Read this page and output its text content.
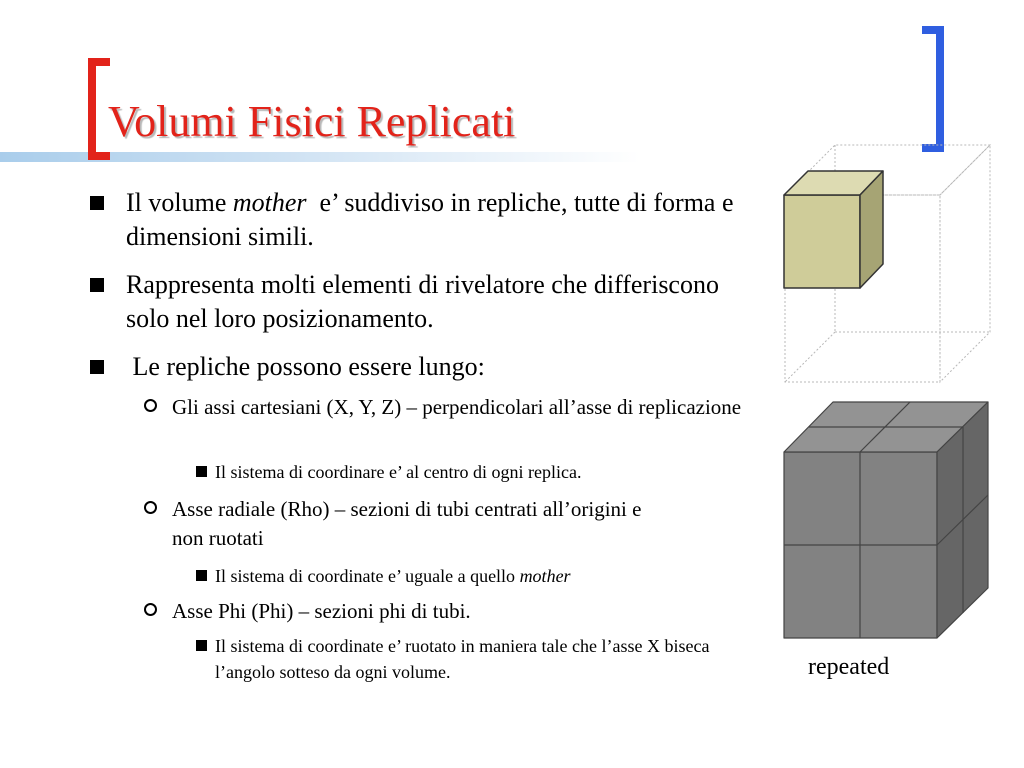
Volumi Fisici Replicati
Il volume mother  e’ suddiviso in repliche, tutte di forma e dimensioni simili.
Rappresenta molti elementi di rivelatore che differiscono solo nel loro posizionamento.
Le repliche possono essere lungo:
Gli assi cartesiani (X, Y, Z) – perpendicolari all’asse di replicazione
Il sistema di coordinare e’ al centro di ogni replica.
Asse radiale (Rho) – sezioni di tubi centrati all’origini e non ruotati
Il sistema di coordinate e’ uguale a quello mother
Asse Phi (Phi) – sezioni phi di tubi.
Il sistema di coordinate e’ ruotato in maniera tale che l’asse X biseca l’angolo sotteso da ogni volume.	repeated
